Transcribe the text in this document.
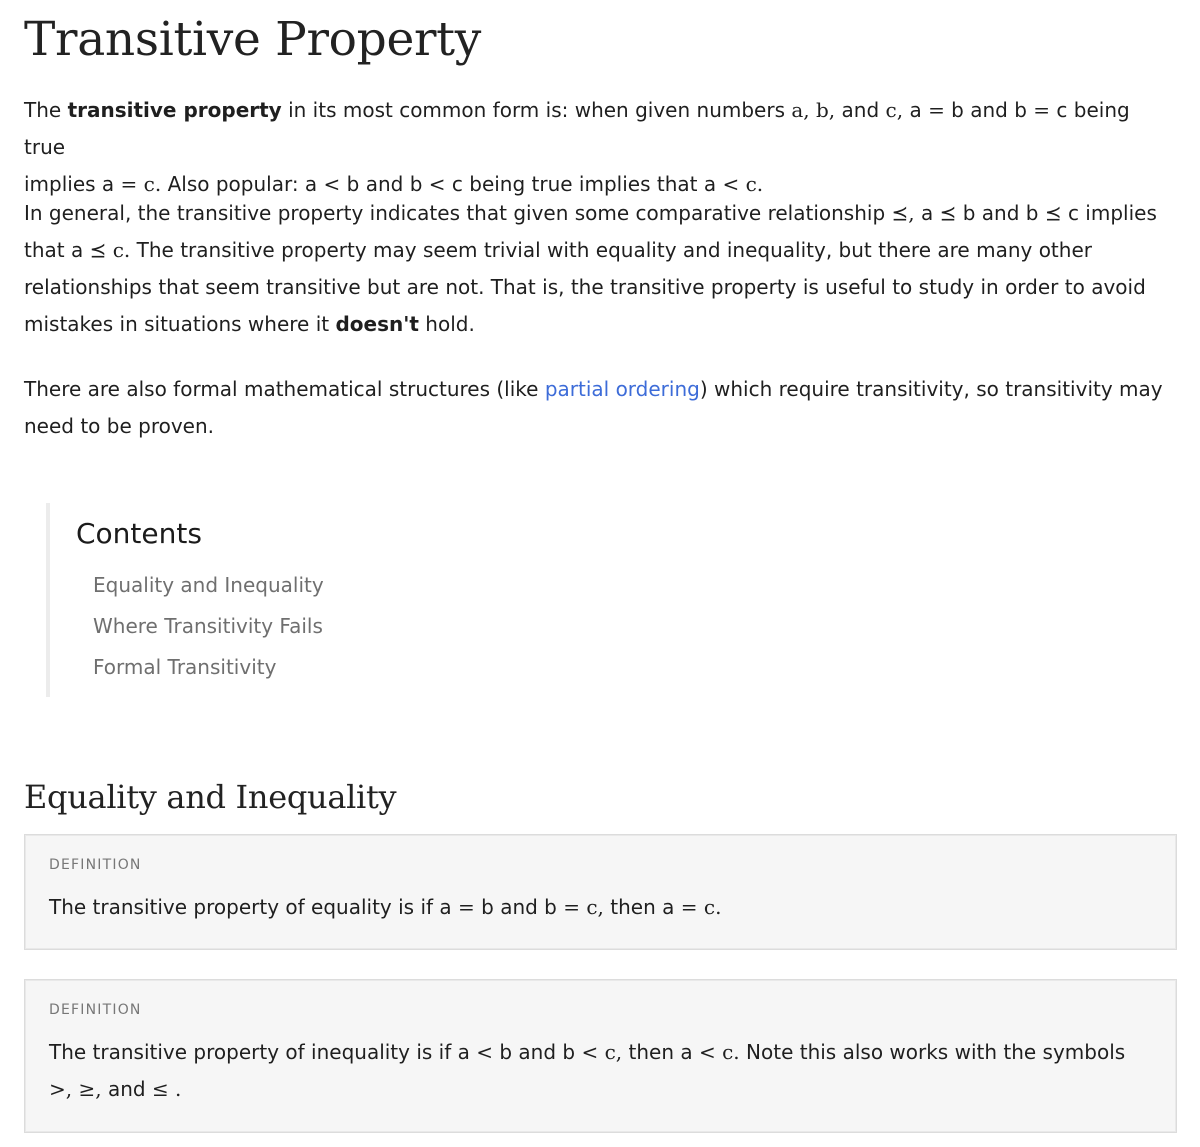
Transitive Property

The transitive property in its most common form is: when given numbers a, b, and c, a = b and b = c being true
implies a = c. Also popular: a < b and b < c being true implies that a < c.

In general, the transitive property indicates that given some comparative relationship ⪯, a ⪯ b and b ⪯ c implies
that a ⪯ c. The transitive property may seem trivial with equality and inequality, but there are many other relationships that seem transitive but are not. That is, the transitive property is useful to study in order to avoid mistakes in situations where it doesn't hold.

There are also formal mathematical structures (like partial ordering) which require transitivity, so transitivity may need to be proven.

Contents
Equality and Inequality
Where Transitivity Fails
Formal Transitivity
Equality and Inequality
DEFINITION
The transitive property of equality is if a = b and b = c, then a = c.
DEFINITION
The transitive property of inequality is if a < b and b < c, then a < c. Note this also works with the symbols
>, ≥, and ≤ .
